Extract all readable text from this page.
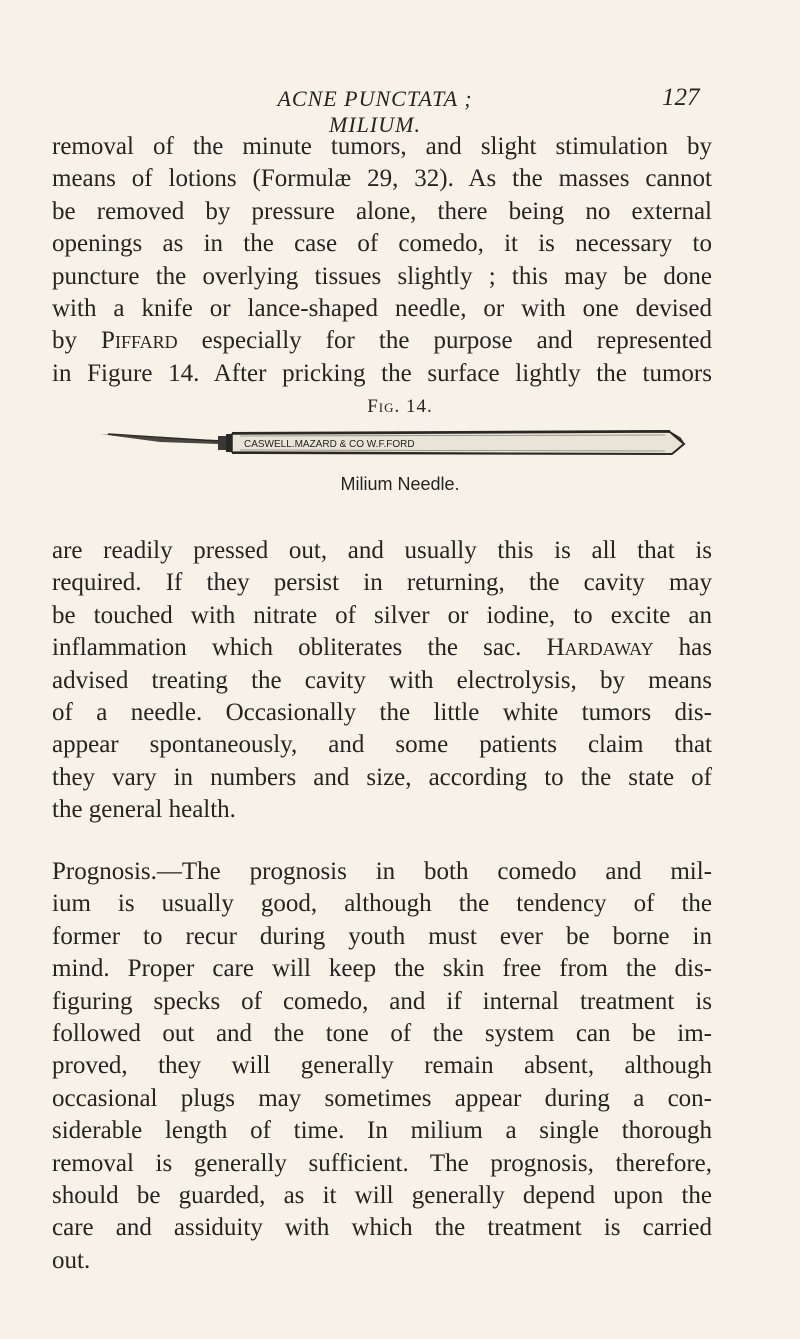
ACNE PUNCTATA ; MILIUM.
127
removal of the minute tumors, and slight stimulation by
means of lotions (Formulæ 29, 32). As the masses cannot
be removed by pressure alone, there being no external
openings as in the case of comedo, it is necessary to
puncture the overlying tissues slightly ; this may be done
with a knife or lance-shaped needle, or with one devised
by Piffard especially for the purpose and represented
in Figure 14. After pricking the surface lightly the tumors
Fig. 14.
CASWELL.MAZARD & CO W.F.FORD
Milium Needle.
are readily pressed out, and usually this is all that is
required. If they persist in returning, the cavity may
be touched with nitrate of silver or iodine, to excite an
inflammation which obliterates the sac. Hardaway has
advised treating the cavity with electrolysis, by means
of a needle. Occasionally the little white tumors dis-
appear spontaneously, and some patients claim that
they vary in numbers and size, according to the state of
the general health.
Prognosis.—The prognosis in both comedo and mil-
ium is usually good, although the tendency of the
former to recur during youth must ever be borne in
mind. Proper care will keep the skin free from the dis-
figuring specks of comedo, and if internal treatment is
followed out and the tone of the system can be im-
proved, they will generally remain absent, although
occasional plugs may sometimes appear during a con-
siderable length of time. In milium a single thorough
removal is generally sufficient. The prognosis, therefore,
should be guarded, as it will generally depend upon the
care and assiduity with which the treatment is carried
out.
